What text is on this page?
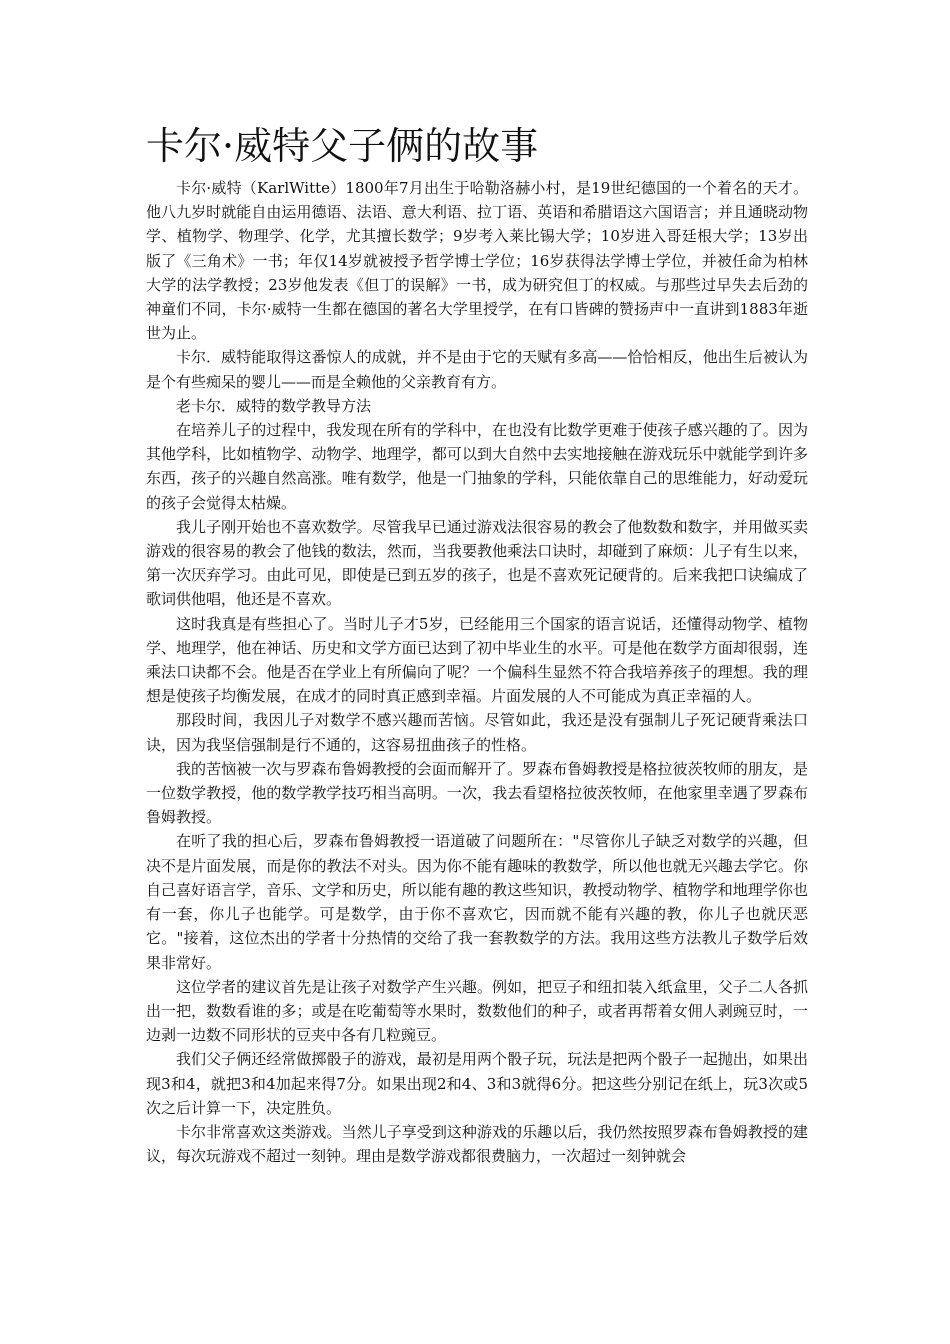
卡尔·威特父子俩的故事

卡尔·威特（KarlWitte）1800年7月出生于哈勒洛赫小村，是19世纪德国的一个着名的天才。他八九岁时就能自由运用德语、法语、意大利语、拉丁语、英语和希腊语这六国语言；并且通晓动物学、植物学、物理学、化学，尤其擅长数学；9岁考入莱比锡大学；10岁进入哥廷根大学；13岁出版了《三角术》一书；年仅14岁就被授予哲学博士学位；16岁获得法学博士学位，并被任命为柏林大学的法学教授；23岁他发表《但丁的误解》一书，成为研究但丁的权威。与那些过早失去后劲的神童们不同，卡尔·威特一生都在德国的著名大学里授学，在有口皆碑的赞扬声中一直讲到1883年逝世为止。

卡尔．威特能取得这番惊人的成就，并不是由于它的天赋有多高——恰恰相反，他出生后被认为是个有些痴呆的婴儿——而是全赖他的父亲教育有方。

老卡尔．威特的数学教导方法

在培养儿子的过程中，我发现在所有的学科中，在也没有比数学更难于使孩子感兴趣的了。因为其他学科，比如植物学、动物学、地理学，都可以到大自然中去实地接触在游戏玩乐中就能学到许多东西，孩子的兴趣自然高涨。唯有数学，他是一门抽象的学科，只能依靠自己的思维能力，好动爱玩的孩子会觉得太枯燥。

我儿子刚开始也不喜欢数学。尽管我早已通过游戏法很容易的教会了他数数和数字，并用做买卖游戏的很容易的教会了他钱的数法，然而，当我要教他乘法口诀时，却碰到了麻烦：儿子有生以来，第一次厌弃学习。由此可见，即使是已到五岁的孩子，也是不喜欢死记硬背的。后来我把口诀编成了歌词供他唱，他还是不喜欢。

这时我真是有些担心了。当时儿子才5岁，已经能用三个国家的语言说话，还懂得动物学、植物学、地理学，他在神话、历史和文学方面已达到了初中毕业生的水平。可是他在数学方面却很弱，连乘法口诀都不会。他是否在学业上有所偏向了呢？一个偏科生显然不符合我培养孩子的理想。我的理想是使孩子均衡发展，在成才的同时真正感到幸福。片面发展的人不可能成为真正幸福的人。

那段时间，我因儿子对数学不感兴趣而苦恼。尽管如此，我还是没有强制儿子死记硬背乘法口诀，因为我坚信强制是行不通的，这容易扭曲孩子的性格。

我的苦恼被一次与罗森布鲁姆教授的会面而解开了。罗森布鲁姆教授是格拉彼茨牧师的朋友，是一位数学教授，他的数学教学技巧相当高明。一次，我去看望格拉彼茨牧师，在他家里幸遇了罗森布鲁姆教授。

在听了我的担心后，罗森布鲁姆教授一语道破了问题所在："尽管你儿子缺乏对数学的兴趣，但决不是片面发展，而是你的教法不对头。因为你不能有趣味的教数学，所以他也就无兴趣去学它。你自己喜好语言学，音乐、文学和历史，所以能有趣的教这些知识，教授动物学、植物学和地理学你也有一套，你儿子也能学。可是数学，由于你不喜欢它，因而就不能有兴趣的教，你儿子也就厌恶它。"接着，这位杰出的学者十分热情的交给了我一套教数学的方法。我用这些方法教儿子数学后效果非常好。

这位学者的建议首先是让孩子对数学产生兴趣。例如，把豆子和纽扣装入纸盒里，父子二人各抓出一把，数数看谁的多；或是在吃葡萄等水果时，数数他们的种子，或者再帮着女佣人剥豌豆时，一边剥一边数不同形状的豆夹中各有几粒豌豆。

我们父子俩还经常做掷骰子的游戏，最初是用两个骰子玩，玩法是把两个骰子一起抛出，如果出现3和4，就把3和4加起来得7分。如果出现2和4、3和3就得6分。把这些分别记在纸上，玩3次或5次之后计算一下，决定胜负。

卡尔非常喜欢这类游戏。当然儿子享受到这种游戏的乐趣以后，我仍然按照罗森布鲁姆教授的建议，每次玩游戏不超过一刻钟。理由是数学游戏都很费脑力，一次超过一刻钟就会
